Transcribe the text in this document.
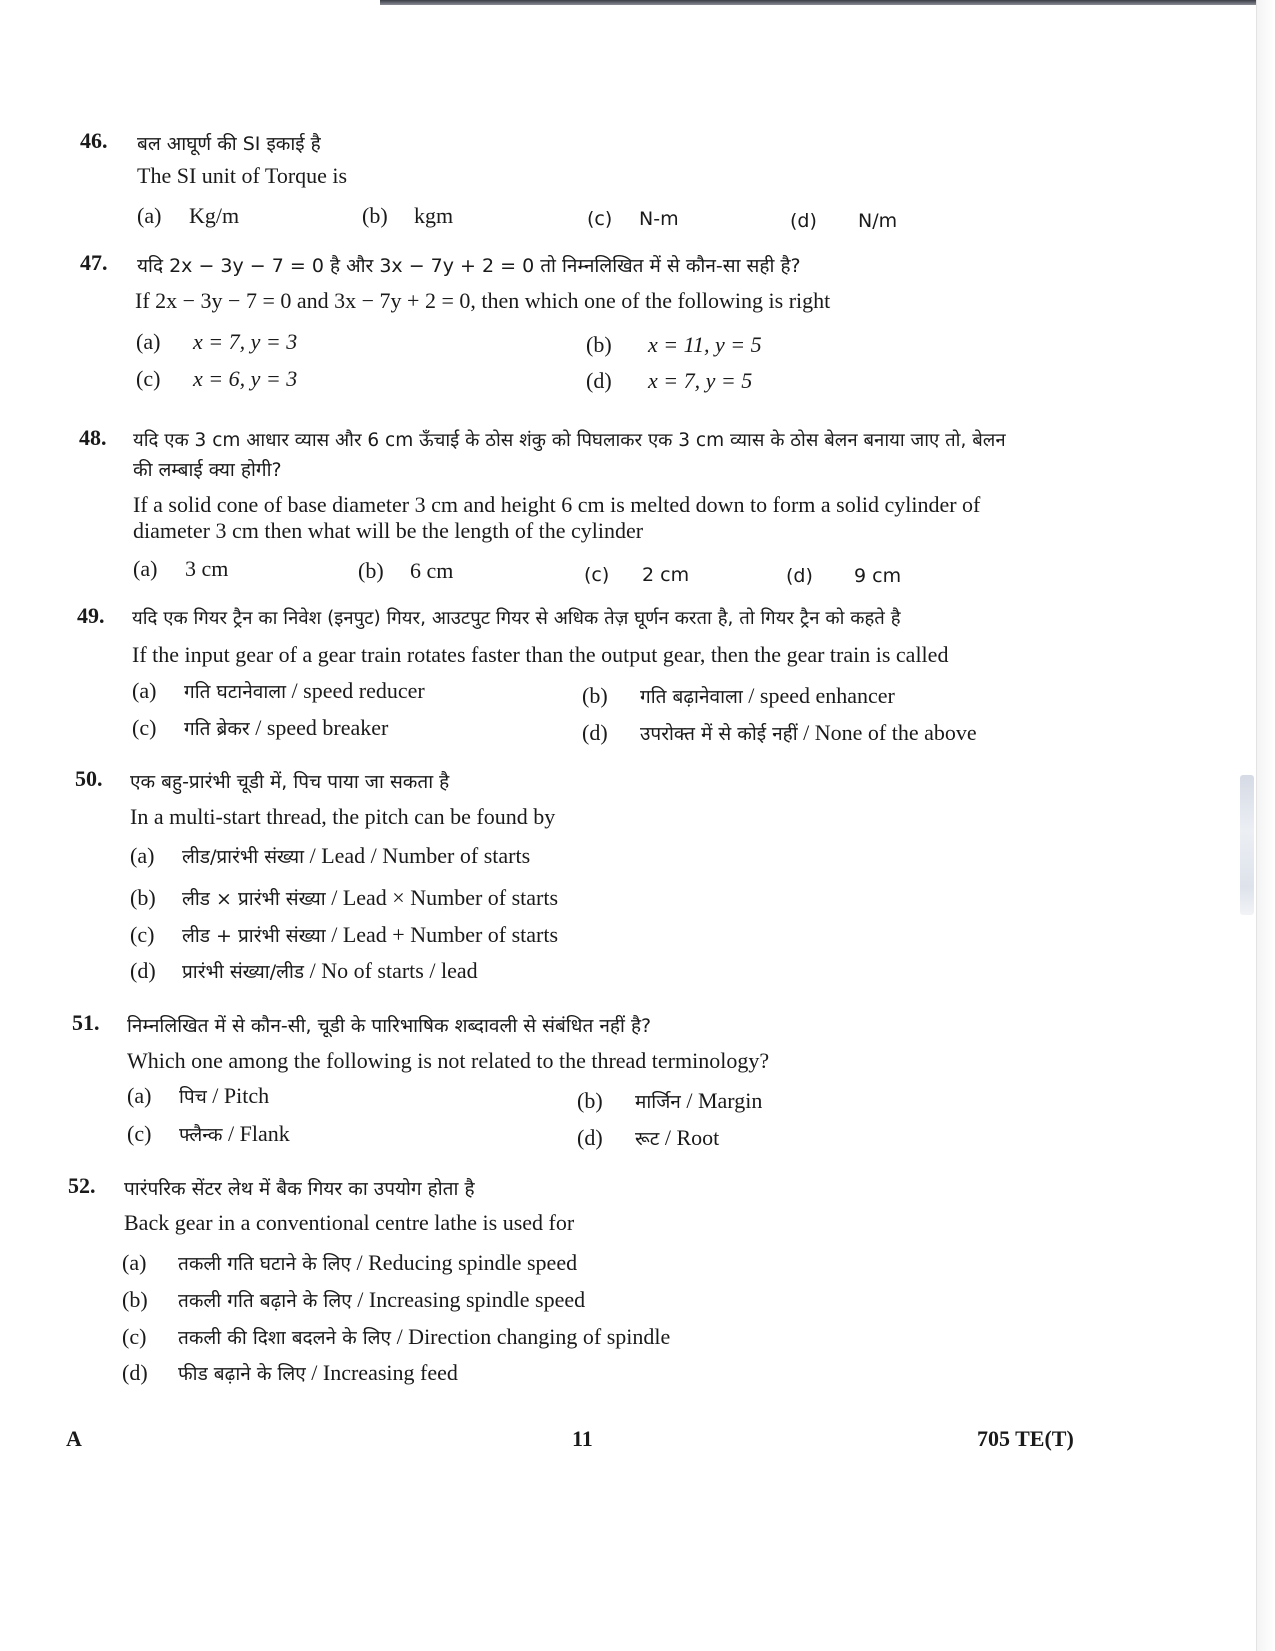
46. बल आघूर्ण की SI इकाई है
The SI unit of Torque is
(a) Kg/m	(b) kgm	(c) N-m	(d) N/m
47. यदि 2x − 3y − 7 = 0 है और 3x − 7y + 2 = 0 तो निम्नलिखित में से कौन-सा सही है?
If 2x − 3y − 7 = 0 and 3x − 7y + 2 = 0, then which one of the following is right
(a) x = 7, y = 3	(b) x = 11, y = 5
(c) x = 6, y = 3	(d) x = 7, y = 5
48. यदि एक 3 cm आधार व्यास और 6 cm ऊँचाई के ठोस शंकु को पिघलाकर एक 3 cm व्यास के ठोस बेलन बनाया जाए तो, बेलन
की लम्बाई क्या होगी?
If a solid cone of base diameter 3 cm and height 6 cm is melted down to form a solid cylinder of
diameter 3 cm then what will be the length of the cylinder
(a) 3 cm	(b) 6 cm	(c) 2 cm	(d) 9 cm
49. यदि एक गियर ट्रैन का निवेश (इनपुट) गियर, आउटपुट गियर से अधिक तेज़ घूर्णन करता है, तो गियर ट्रैन को कहते है
If the input gear of a gear train rotates faster than the output gear, then the gear train is called
(a) गति घटानेवाला / speed reducer	(b) गति बढ़ानेवाला / speed enhancer
(c) गति ब्रेकर / speed breaker	(d) उपरोक्त में से कोई नहीं / None of the above
50. एक बहु-प्रारंभी चूडी में, पिच पाया जा सकता है
In a multi-start thread, the pitch can be found by
(a) लीड/प्रारंभी संख्या / Lead / Number of starts
(b) लीड × प्रारंभी संख्या / Lead × Number of starts
(c) लीड + प्रारंभी संख्या / Lead + Number of starts
(d) प्रारंभी संख्या/लीड / No of starts / lead
51. निम्नलिखित में से कौन-सी, चूडी के पारिभाषिक शब्दावली से संबंधित नहीं है?
Which one among the following is not related to the thread terminology?
(a) पिच / Pitch	(b) मार्जिन / Margin
(c) फ्लैन्क / Flank	(d) रूट / Root
52. पारंपरिक सेंटर लेथ में बैक गियर का उपयोग होता है
Back gear in a conventional centre lathe is used for
(a) तकली गति घटाने के लिए / Reducing spindle speed
(b) तकली गति बढ़ाने के लिए / Increasing spindle speed
(c) तकली की दिशा बदलने के लिए / Direction changing of spindle
(d) फीड बढ़ाने के लिए / Increasing feed
A	11	705 TE(T)
